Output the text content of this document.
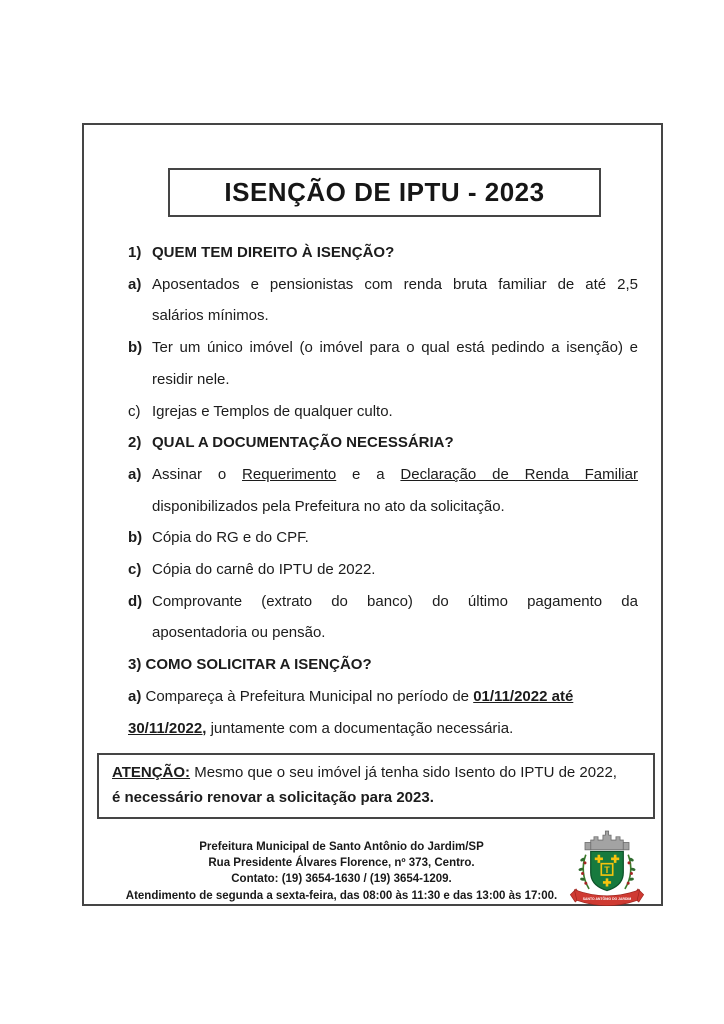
ISENÇÃO DE IPTU - 2023
1) QUEM TEM DIREITO À ISENÇÃO?
a) Aposentados e pensionistas com renda bruta familiar de até 2,5
salários mínimos.
b) Ter um único imóvel (o imóvel para o qual está pedindo a isenção) e
residir nele.
c) Igrejas e Templos de qualquer culto.
2) QUAL A DOCUMENTAÇÃO NECESSÁRIA?
a) Assinar o Requerimento e a Declaração de Renda Familiar
disponibilizados pela Prefeitura no ato da solicitação.
b) Cópia do RG e do CPF.
c) Cópia do carnê do IPTU de 2022.
d) Comprovante (extrato do banco) do último pagamento da
aposentadoria ou pensão.
3) COMO SOLICITAR A ISENÇÃO?
a) Compareça à Prefeitura Municipal no período de 01/11/2022 até
30/11/2022, juntamente com a documentação necessária.
ATENÇÃO: Mesmo que o seu imóvel já tenha sido Isento do IPTU de 2022,
é necessário renovar a solicitação para 2023.
Prefeitura Municipal de Santo Antônio do Jardim/SP
Rua Presidente Álvares Florence, nº 373, Centro.
Contato: (19) 3654-1630 / (19) 3654-1209.
Atendimento de segunda a sexta-feira, das 08:00 às 11:30 e das 13:00 às 17:00.
T
SANTO ANTÔNIO DO JARDIM
